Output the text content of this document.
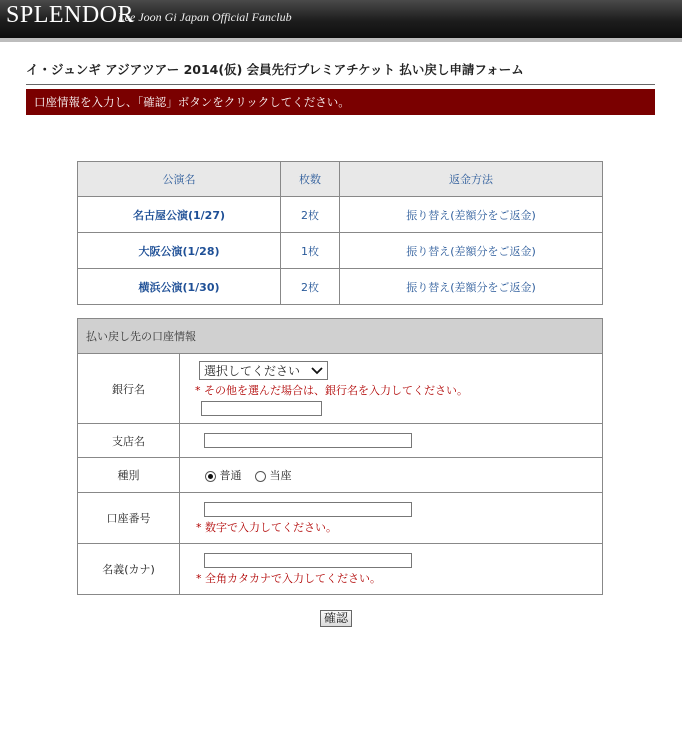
SPLENDOR
Lee Joon Gi Japan Official Fanclub
イ・ジュンギ アジアツアー 2014(仮) 会員先行プレミアチケット 払い戻し申請フォーム
口座情報を入力し、「確認」ボタンをクリックしてください。
公演名	枚数	返金方法
名古屋公演(1/27)	2枚	振り替え(差額分をご返金)
大阪公演(1/28)	1枚	振り替え(差額分をご返金)
横浜公演(1/30)	2枚	振り替え(差額分をご返金)
払い戻し先の口座情報	
銀行名	選択してください
* その他を選んだ場合は、銀行名を入力してください。

支店名	
種別	普通 当座
口座番号	* 数字で入力してください。

名義(カナ)	* 全角カタカナで入力してください。
確認
